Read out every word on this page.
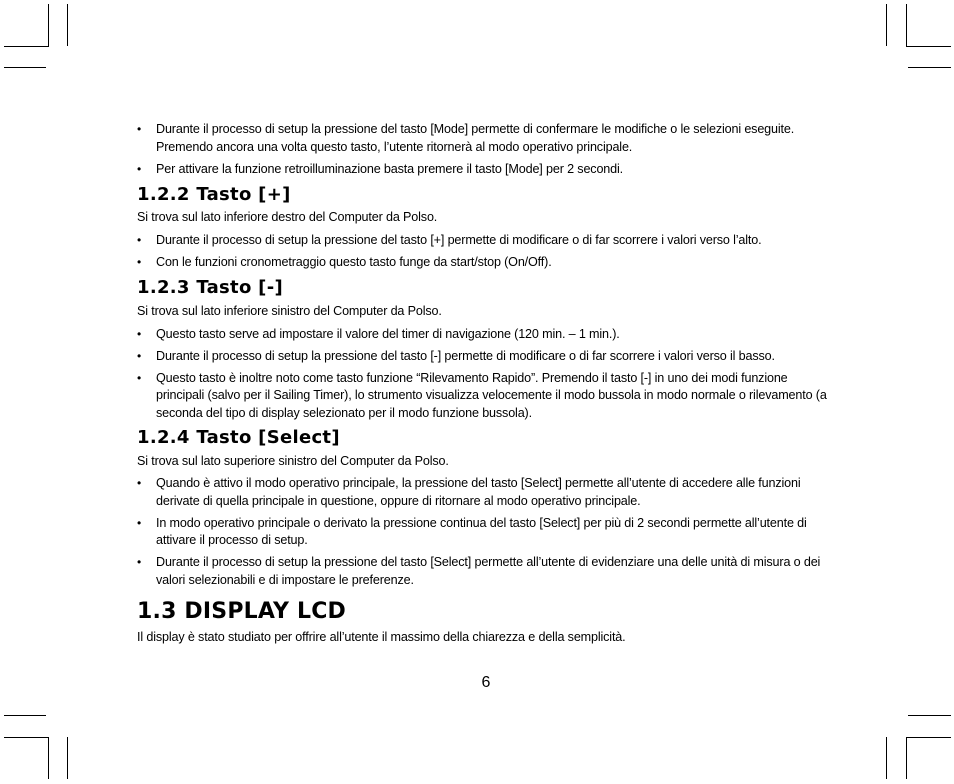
• Durante il processo di setup la pressione del tasto [Mode] permette di confermare le modifiche o le selezioni eseguite. Premendo ancora una volta questo tasto, l’utente ritornerà al modo operativo principale.
• Per attivare la funzione retroilluminazione basta premere il tasto [Mode] per 2 secondi.
1.2.2 Tasto [+]

Si trova sul lato inferiore destro del Computer da Polso.

• Durante il processo di setup la pressione del tasto [+] permette di modificare o di far scorrere i valori verso l’alto.
• Con le funzioni cronometraggio questo tasto funge da start/stop (On/Off).
1.2.3 Tasto [-]

Si trova sul lato inferiore sinistro del Computer da Polso.

• Questo tasto serve ad impostare il valore del timer di navigazione (120 min. – 1 min.).
• Durante il processo di setup la pressione del tasto [-] permette di modificare o di far scorrere i valori verso il basso.
• Questo tasto è inoltre noto come tasto funzione “Rilevamento Rapido”. Premendo il tasto [-] in uno dei modi funzione principali (salvo per il Sailing Timer), lo strumento visualizza velocemente il modo bussola in modo normale o rilevamento (a seconda del tipo di display selezionato per il modo funzione bussola).
1.2.4 Tasto [Select]

Si trova sul lato superiore sinistro del Computer da Polso.

• Quando è attivo il modo operativo principale, la pressione del tasto [Select] permette all’utente di accedere alle funzioni derivate di quella principale in questione, oppure di ritornare al modo operativo principale.
• In modo operativo principale o derivato la pressione continua del tasto [Select] per più di 2 secondi permette all’utente di attivare il processo di setup.
• Durante il processo di setup la pressione del tasto [Select] permette all’utente di evidenziare una delle unità di misura o dei valori selezionabili e di impostare le preferenze.
1.3 DISPLAY LCD

Il display è stato studiato per offrire all’utente il massimo della chiarezza e della semplicità.

6
